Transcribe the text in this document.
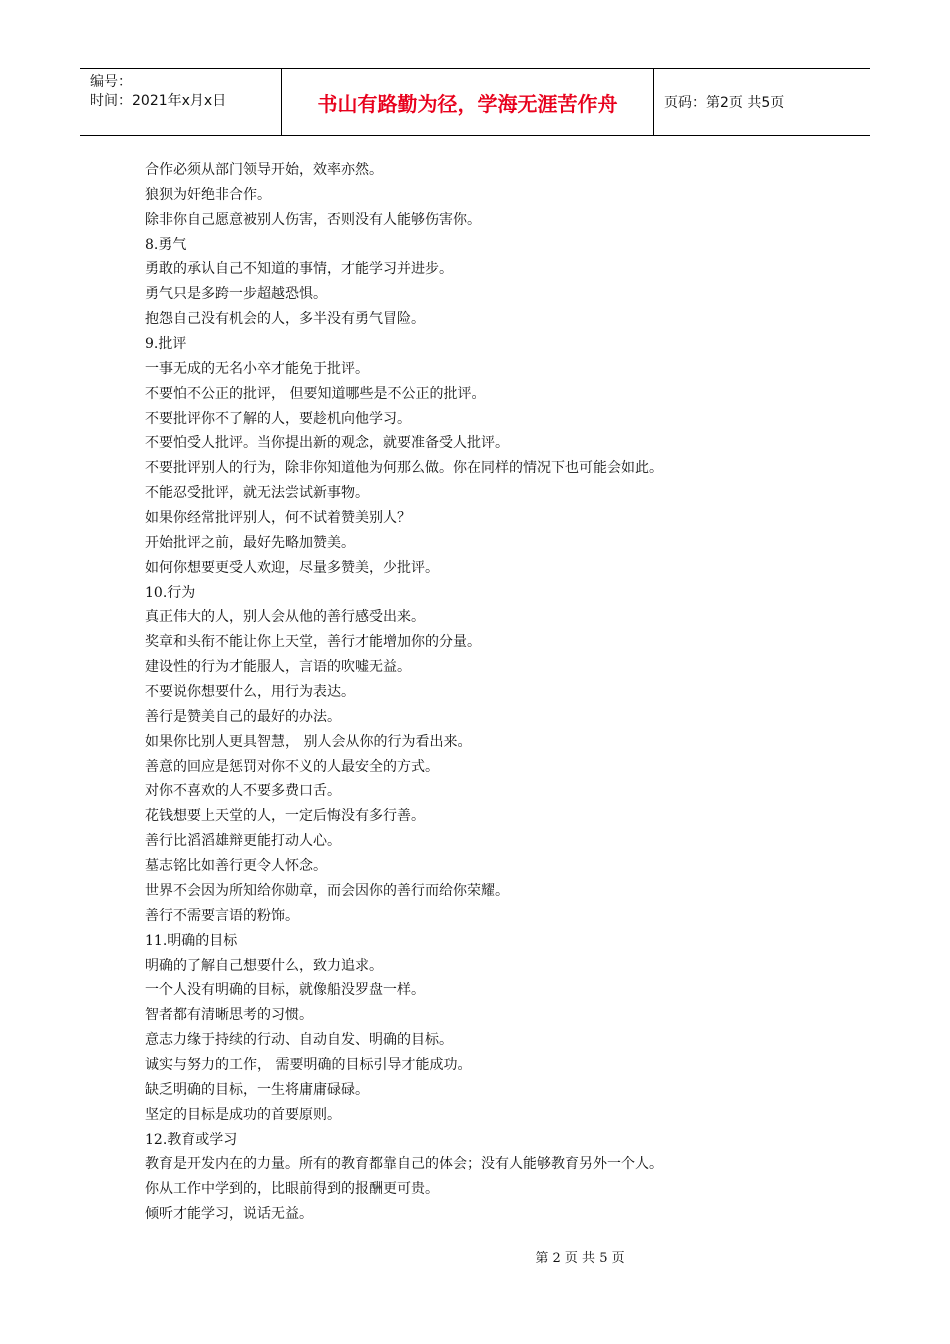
编号：
时间：2021年x月x日	书山有路勤为径，学海无涯苦作舟	页码：第2页 共5页
合作必须从部门领导开始，效率亦然。
狼狈为奸绝非合作。
除非你自己愿意被别人伤害，否则没有人能够伤害你。
8.勇气
勇敢的承认自己不知道的事情，才能学习并进步。
勇气只是多跨一步超越恐惧。
抱怨自己没有机会的人，多半没有勇气冒险。
9.批评
一事无成的无名小卒才能免于批评。
不要怕不公正的批评， 但要知道哪些是不公正的批评。
不要批评你不了解的人，要趁机向他学习。
不要怕受人批评。当你提出新的观念，就要准备受人批评。
不要批评别人的行为，除非你知道他为何那么做。你在同样的情况下也可能会如此。
不能忍受批评，就无法尝试新事物。
如果你经常批评别人，何不试着赞美别人？
开始批评之前，最好先略加赞美。
如何你想要更受人欢迎，尽量多赞美，少批评。
10.行为
真正伟大的人，别人会从他的善行感受出来。
奖章和头衔不能让你上天堂，善行才能增加你的分量。
建设性的行为才能服人，言语的吹嘘无益。
不要说你想要什么，用行为表达。
善行是赞美自己的最好的办法。
如果你比别人更具智慧， 别人会从你的行为看出来。
善意的回应是惩罚对你不义的人最安全的方式。
对你不喜欢的人不要多费口舌。
花钱想要上天堂的人，一定后悔没有多行善。
善行比滔滔雄辩更能打动人心。
墓志铭比如善行更令人怀念。
世界不会因为所知给你勋章，而会因你的善行而给你荣耀。
善行不需要言语的粉饰。
11.明确的目标
明确的了解自己想要什么，致力追求。
一个人没有明确的目标，就像船没罗盘一样。
智者都有清晰思考的习惯。
意志力缘于持续的行动、自动自发、明确的目标。
诚实与努力的工作， 需要明确的目标引导才能成功。
缺乏明确的目标，一生将庸庸碌碌。
坚定的目标是成功的首要原则。
12.教育或学习
教育是开发内在的力量。所有的教育都靠自己的体会；没有人能够教育另外一个人。
你从工作中学到的，比眼前得到的报酬更可贵。
倾听才能学习，说话无益。
第 2 页 共 5 页
